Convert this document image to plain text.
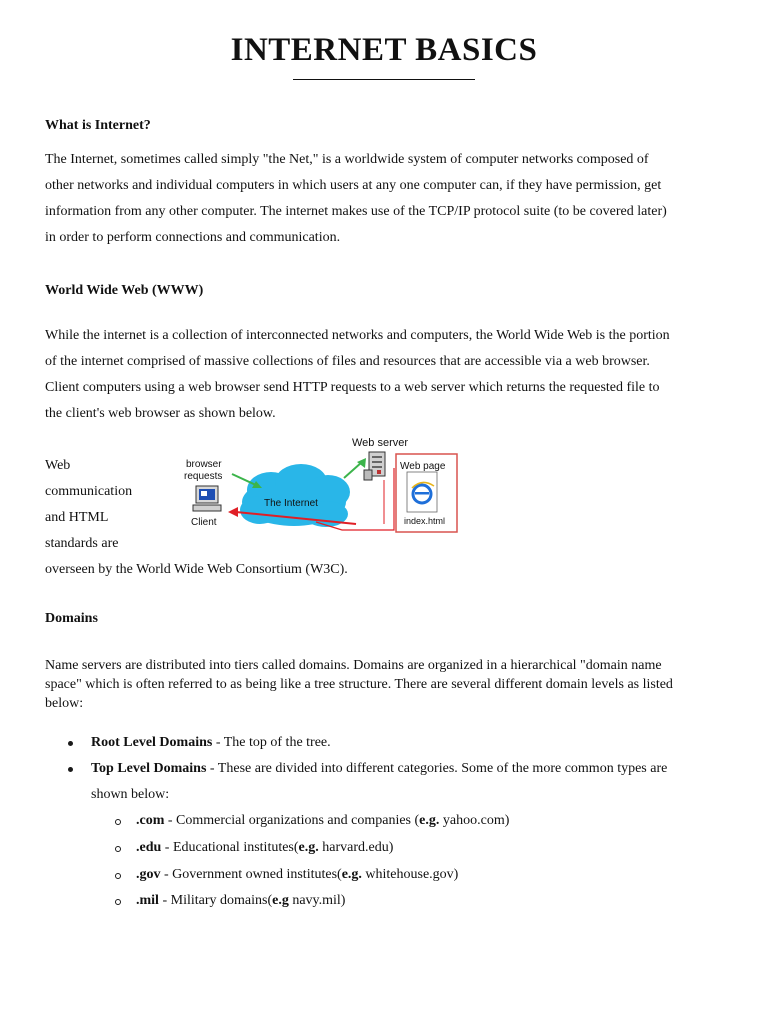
INTERNET BASICS
What is Internet?
The Internet, sometimes called simply "the Net," is a worldwide system of computer networks composed of
other networks and individual computers in which users at any one computer can, if they have permission, get
information from any other computer. The internet makes use of the TCP/IP protocol suite (to be covered later)
in order to perform connections and communication.
World Wide Web (WWW)
While the internet is a collection of interconnected networks and computers, the World Wide Web is the portion
of the internet comprised of massive collections of files and resources that are accessible via a web browser.
Client computers using a web browser send HTTP requests to a web server which returns the requested file to
the client's web browser as shown below.
Web
communication
and HTML
standards are
overseen by the World Wide Web Consortium (W3C).
Web server
browser
requests
The Internet
Client
Web page
index.html
Domains
Name servers are distributed into tiers called domains. Domains are organized in a hierarchical "domain name
space" which is often referred to as being like a tree structure. There are several different domain levels as listed
below:
Root Level Domains - The top of the tree.
Top Level Domains - These are divided into different categories. Some of the more common types are
shown below:
.com - Commercial organizations and companies (e.g. yahoo.com)
.edu - Educational institutes(e.g. harvard.edu)
.gov - Government owned institutes(e.g. whitehouse.gov)
.mil - Military domains(e.g navy.mil)
